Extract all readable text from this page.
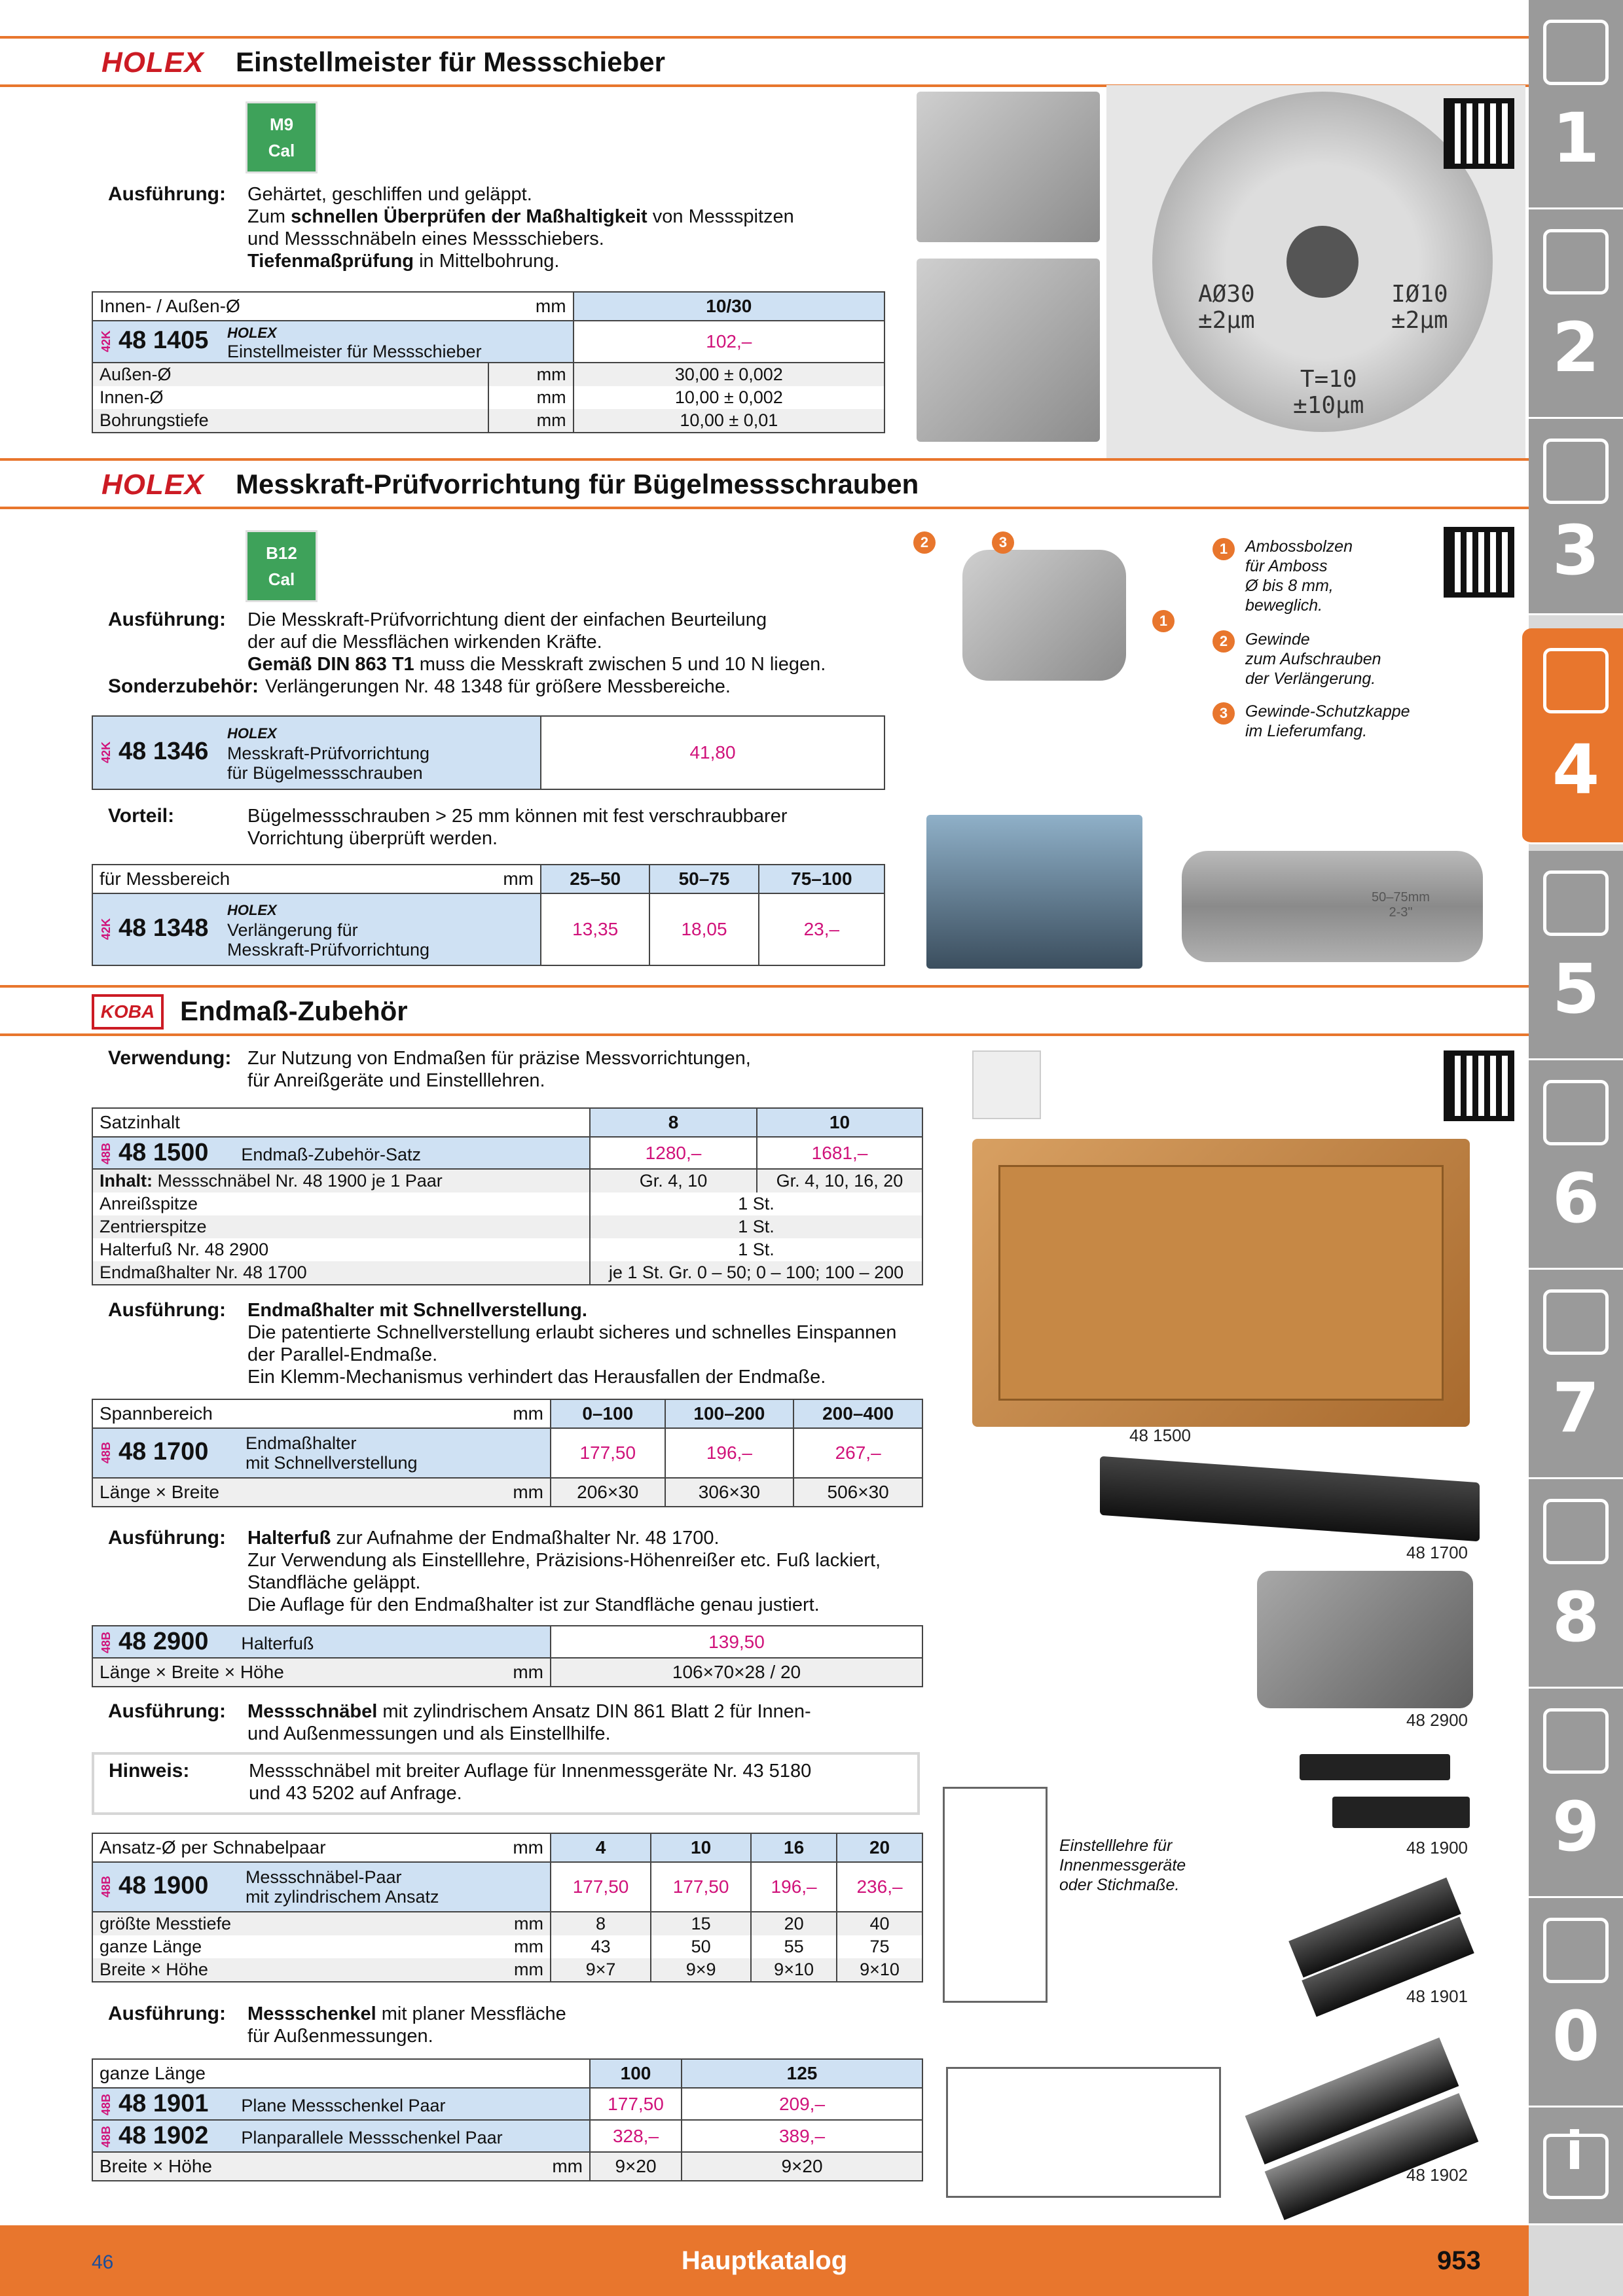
1
2
3
4
5
6
7
8
9
0
i
HOLEX Einstellmeister für Messschieber
M9
Cal
Ausführung: Gehärtet, geschliffen und geläppt.
Zum schnellen Überprüfen der Maßhaltigkeit von Messspitzen
und Messschnäbeln eines Messschiebers.
Tiefenmaßprüfung in Mittelbohrung.
Innen- / Außen-Ø	mm	10/30
42K 48 1405 HOLEX
Einstellmeister für Messschieber		102,–
Außen-Ø	mm	30,00 ± 0,002
Innen-Ø	mm	10,00 ± 0,002
Bohrungstiefe	mm	10,00 ± 0,01
AØ30
±2µm
IØ10
±2µm
T=10
±10µm
HOLEX Messkraft-Prüfvorrichtung für Bügelmessschrauben
B12
Cal
Ausführung: Die Messkraft-Prüfvorrichtung dient der einfachen Beurteilung
der auf die Messflächen wirkenden Kräfte.
Gemäß DIN 863 T1 muss die Messkraft zwischen 5 und 10 N liegen.
Sonderzubehör: Verlängerungen Nr. 48 1348 für größere Messbereiche.
42K 48 1346 HOLEX
Messkraft-Prüfvorrichtung
für Bügelmessschrauben	41,80
Vorteil:	Bügelmessschrauben > 25 mm können mit fest verschraubbarer
Vorrichtung überprüft werden.
für Messbereich	mm	25–50	50–75	75–100
42K 48 1348 HOLEX
Verlängerung für
Messkraft-Prüfvorrichtung		13,35	18,05	23,–
2	3
1
1	Ambossbolzen
für Amboss
Ø bis 8 mm,
beweglich.
2	Gewinde
zum Aufschrauben
der Verlängerung.
3	Gewinde-Schutzkappe
im Lieferumfang.
50–75mm
2-3"
KOBA Endmaß-Zubehör
Verwendung: Zur Nutzung von Endmaßen für präzise Messvorrichtungen,
für Anreißgeräte und Einstelllehren.
Satzinhalt	8	10
48B 48 1500 Endmaß-Zubehör-Satz	1280,–	1681,–
Inhalt: Messschnäbel Nr. 48 1900 je 1 Paar	Gr. 4, 10	Gr. 4, 10, 16, 20
Anreißspitze	1 St.	
Zentrierspitze	1 St.	
Halterfuß Nr. 48 2900	1 St.	
Endmaßhalter Nr. 48 1700	je 1 St. Gr. 0 – 50; 0 – 100; 100 – 200	
Ausführung: Endmaßhalter mit Schnellverstellung.
Die patentierte Schnellverstellung erlaubt sicheres und schnelles Einspannen
der Parallel-Endmaße.
Ein Klemm-Mechanismus verhindert das Herausfallen der Endmaße.
Spannbereich	mm	0–100	100–200	200–400
48B 48 1700 Endmaßhalter
mit Schnellverstellung		177,50	196,–	267,–
Länge × Breite	mm	206×30	306×30	506×30
Ausführung: Halterfuß zur Aufnahme der Endmaßhalter Nr. 48 1700.
Zur Verwendung als Einstelllehre, Präzisions-Höhenreißer etc. Fuß lackiert,
Standfläche geläppt.
Die Auflage für den Endmaßhalter ist zur Standfläche genau justiert.
48B 48 2900 Halterfuß		139,50
Länge × Breite × Höhe	mm	106×70×28 / 20
Ausführung: Messschnäbel mit zylindrischem Ansatz DIN 861 Blatt 2 für Innen-
und Außenmessungen und als Einstellhilfe.
Hinweis:	Messschnäbel mit breiter Auflage für Innenmessgeräte Nr. 43 5180
und 43 5202 auf Anfrage.
Ansatz-Ø per Schnabelpaar	mm	4	10	16	20
48B 48 1900 Messschnäbel-Paar
mit zylindrischem Ansatz		177,50	177,50	196,–	236,–
größte Messtiefe	mm	8	15	20	40
ganze Länge	mm	43	50	55	75
Breite × Höhe	mm	9×7	9×9	9×10	9×10
Ausführung: Messschenkel mit planer Messfläche
für Außenmessungen.
ganze Länge	100	125
48B 48 1901 Plane Messschenkel Paar	177,50	209,–
48B 48 1902 Planparallele Messschenkel Paar	328,–	389,–
Breite × Höhe mm	9×20	9×20
48 1500
48 1700
48 2900
48 1900
Einstelllehre für
Innenmessgeräte
oder Stichmaße.
48 1901
48 1902
46	Hauptkatalog	953
